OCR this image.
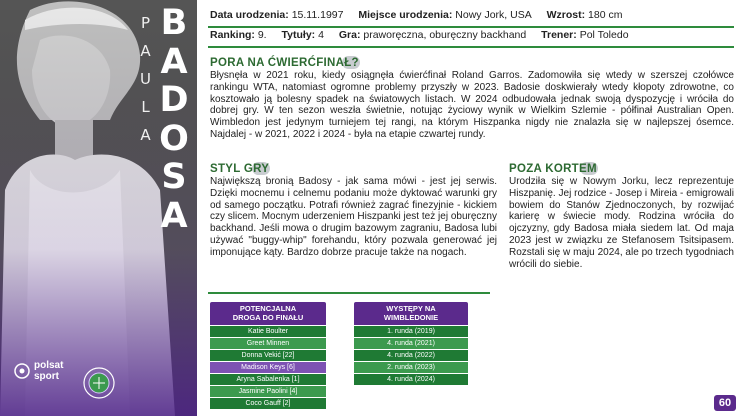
P
A
U
L
A
B
A
D
O
S
A
polsat
sport
Data urodzenia: 15.11.1997 Miejsce urodzenia: Nowy Jork, USA Wzrost: 180 cm
Ranking: 9. Tytuły: 4 Gra: praworęczna, oburęczny backhand Trener: Pol Toledo
PORA NA ĆWIERĆFINAŁ?
Błysnęła w 2021 roku, kiedy osiągnęła ćwierćfinał Roland Garros. Zadomowiła się wtedy w szerszej czołówce rankingu WTA, natomiast ogromne problemy przyszły w 2023. Badosie doskwierały wtedy kłopoty zdrowotne, co kosztowało ją bolesny spadek na światowych listach. W 2024 odbudowała jednak swoją dyspozycję i wróciła do dobrej gry. W ten sezon weszła świetnie, notując życiowy wynik w Wielkim Szlemie - półfinał Australian Open. Wimbledon jest jedynym turniejem tej rangi, na którym Hiszpanka nigdy nie znalazła się w najlepszej ósemce. Najdalej - w 2021, 2022 i 2024 - była na etapie czwartej rundy.
STYL GRY
Największą bronią Badosy - jak sama mówi - jest jej serwis. Dzięki mocnemu i celnemu podaniu może dyktować warunki gry od samego początku. Potrafi również zagrać finezyjnie - kickiem czy slicem. Mocnym uderzeniem Hiszpanki jest też jej oburęczny backhand. Jeśli mowa o drugim bazowym zagraniu, Badosa lubi używać "buggy-whip" forehandu, który pozwala generować jej imponujące kąty. Bardzo dobrze pracuje także na nogach.
POZA KORTEM
Urodziła się w Nowym Jorku, lecz reprezentuje Hiszpanię. Jej rodzice - Josep i Mireia - emigrowali bowiem do Stanów Zjednoczonych, by rozwijać karierę w świecie mody. Rodzina wróciła do ojczyzny, gdy Badosa miała siedem lat. Od maja 2023 jest w związku ze Stefanosem Tsitsipasem. Rozstali się w maju 2024, ale po trzech tygodniach wrócili do siebie.
POTENCJALNA
DROGA DO FINAŁU
Katie Boulter
Greet Minnen
Donna Vekić [22]
Madison Keys [6]
Aryna Sabalenka [1]
Jasmine Paolini [4]
Coco Gauff [2]
WYSTĘPY NA
WIMBLEDONIE
1. runda (2019)
4. runda (2021)
4. runda (2022)
2. runda (2023)
4. runda (2024)
60
